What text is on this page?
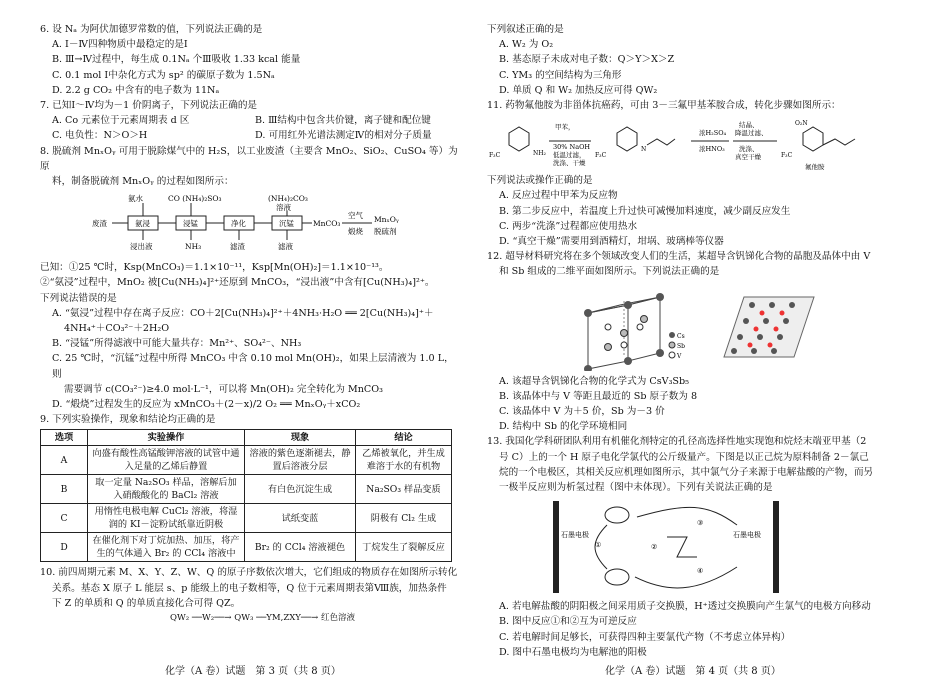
6. 设 Nₐ 为阿伏加德罗常数的值，下列说法正确的是

A. Ⅰ－Ⅳ四种物质中最稳定的是Ⅰ

B. Ⅲ→Ⅳ过程中，每生成 0.1Nₐ 个Ⅲ吸收 1.33 kcal 能量

C. 0.1 mol Ⅰ中杂化方式为 sp² 的碳原子数为 1.5Nₐ

D. 2.2 g CO₂ 中含有的电子数为 11Nₐ

7. 已知Ⅰ～Ⅳ均为－1 价阴离子，下列说法正确的是

A. Co 元素位于元素周期表 d 区	B. Ⅲ结构中包含共价键，离子键和配位键
C. 电负性：N＞O＞H	D. 可用红外光谱法测定Ⅳ的相对分子质量

8. 脱硫剂 MnₓOᵧ 可用于脱除煤气中的 H₂S，以工业废渣（主要含 MnO₂、SiO₂、CuSO₄ 等）为原

料，制备脱硫剂 MnₓOᵧ 的过程如图所示：

废渣	氨浸	浸锰	净化	沉锰	MnCO₃
空气
煅烧
MnₓOᵧ
脱硫剂
氨水	CO (NH₄)₂SO₃	(NH₄)₂CO₃
溶液
浸出液	NH₃	滤渣	滤液

已知：①25 ℃时，Ksp(MnCO₃)＝1.1×10⁻¹¹，Ksp[Mn(OH)₂]＝1.1×10⁻¹³。

②“氨浸”过程中，MnO₂ 被[Cu(NH₃)₄]²⁺还原到 MnCO₃，“浸出液”中含有[Cu(NH₃)₄]²⁺。

下列说法错误的是

A. “氨浸”过程中存在离子反应：CO＋2[Cu(NH₃)₄]²⁺＋4NH₃·H₂O ══ 2[Cu(NH₃)₄]⁺＋

4NH₄⁺＋CO₃²⁻＋2H₂O

B. “浸锰”所得滤液中可能大量共存：Mn²⁺、SO₄²⁻、NH₃

C. 25 ℃时，“沉锰”过程中所得 MnCO₃ 中含 0.10 mol Mn(OH)₂，如果上层清液为 1.0 L，则

需要调节 c(CO₃²⁻)≥4.0 mol·L⁻¹，可以将 Mn(OH)₂ 完全转化为 MnCO₃

D. “煅烧”过程发生的反应为 xMnCO₃＋(2－x)/2 O₂ ══ MnₓOᵧ＋xCO₂

9. 下列实验操作，现象和结论均正确的是

选项	实验操作	现象	结论
A	向盛有酸性高锰酸钾溶液的试管中通入足量的乙烯后静置	溶液的紫色逐渐褪去，静置后溶液分层	乙烯被氧化，并生成难溶于水的有机物
B	取一定量 Na₂SO₃ 样品，溶解后加入硝酸酸化的 BaCl₂ 溶液	有白色沉淀生成	Na₂SO₃ 样品变质
C	用惰性电极电解 CuCl₂ 溶液，将湿润的 KI－淀粉试纸靠近阴极	试纸变蓝	阴极有 Cl₂ 生成
D	在催化剂下对丁烷加热、加压，将产生的气体通入 Br₂ 的 CCl₄ 溶液中	Br₂ 的 CCl₄ 溶液褪色	丁烷发生了裂解反应

10. 前四周期元素 M、X、Y、Z、W、Q 的原子序数依次增大，它们组成的物质存在如图所示转化

关系。基态 X 原子 L 能层 s、p 能级上的电子数相等，Q 位于元素周期表第Ⅷ族，加热条件

下 Z 的单质和 Q 的单质直接化合可得 QZ。

QW₂ ──W₂──→ QW₃ ──YM,ZXY──→ 红色溶液

化学（A 卷）试题　第 3 页（共 8 页）

下列叙述正确的是

A. W₂ 为 O₂

B. 基态原子未成对电子数：Q＞Y＞X＞Z

C. YM₃ 的空间结构为三角形

D. 单质 Q 和 W₂ 加热反应可得 QW₂

11. 药物氟他胺为非甾体抗癌药，可由 3－三氟甲基苯胺合成，转化步骤如图所示：

F₃C	NH₂
甲苯，
30% NaOH
低温过滤，
洗涤、干燥
F₃C
N
浓H₂SO₄
浓HNO₃
结晶、
降温过滤、
洗涤、
真空干燥
O₂N
F₃C
氟他胺

下列说法或操作正确的是

A. 反应过程中甲苯为反应物

B. 第二步反应中，若温度上升过快可减慢加料速度，减少副反应发生

C. 两步“洗涤”过程都应使用热水

D. “真空干燥”需要用到酒精灯，坩埚、玻璃棒等仪器

12. 超导材料研究将在多个领域改变人们的生活，某超导含钒锑化合物的晶胞及晶体中由 V

和 Sb 组成的二维平面如图所示。下列说法正确的是

Cs
Sb
V

A. 该超导含钒锑化合物的化学式为 CsV₃Sb₅

B. 该晶体中与 V 等距且最近的 Sb 原子数为 8

C. 该晶体中 V 为＋5 价，Sb 为－3 价

D. 结构中 Sb 的化学环境相同

13. 我国化学科研团队利用有机催化剂特定的孔径高选择性地实现饱和烷烃末端亚甲基（2

号 C）上的一个 H 原子电化学氯代的公斤级量产。下图是以正己烷为原料制备 2－氯己

烷的一个电极区，其相关反应机理如图所示，其中氯气分子来源于电解盐酸的产物，而另

一极半反应则为析氢过程（图中未体现）。下列有关说法正确的是

石墨电极	石墨电极
①	②
③
④

A. 若电解盐酸的阴阳极之间采用质子交换膜，H⁺透过交换膜向产生氯气的电极方向移动

B. 图中反应①和②互为可逆反应

C. 若电解时间足够长，可获得四种主要氯代产物（不考虑立体异构）

D. 图中石墨电极均为电解池的阳极

化学（A 卷）试题　第 4 页（共 8 页）
